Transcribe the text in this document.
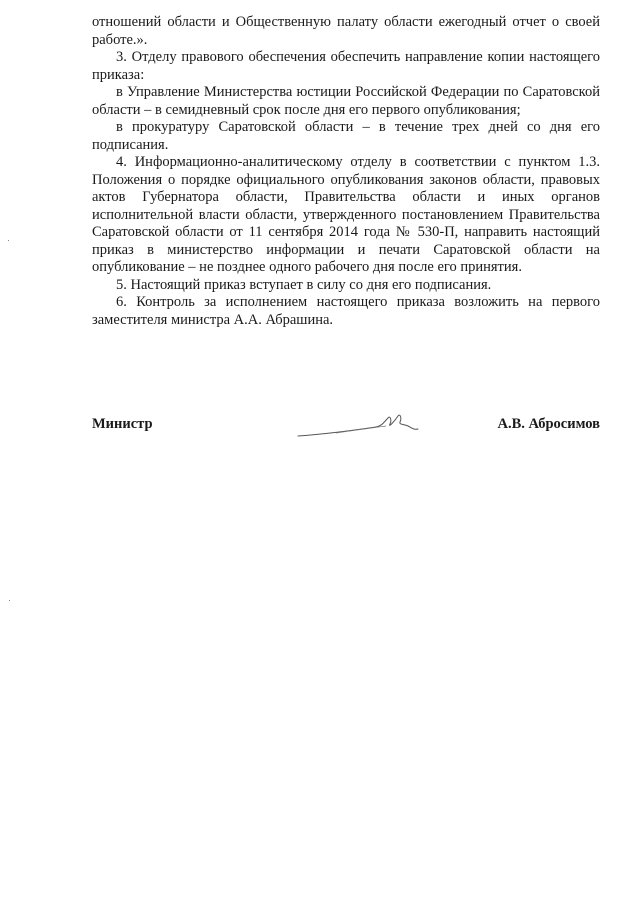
отношений области и Общественную палату области ежегодный отчет о своей работе.».

3. Отделу правового обеспечения обеспечить направление копии настоящего приказа:

в Управление Министерства юстиции Российской Федерации по Саратовской области – в семидневный срок после дня его первого опубликования;

в прокуратуру Саратовской области – в течение трех дней со дня его подписания.

4. Информационно-аналитическому отделу в соответствии с пунктом 1.3. Положения о порядке официального опубликования законов области, правовых актов Губернатора области, Правительства области и иных органов исполнительной власти области, утвержденного постановлением Правительства Саратовской области от 11 сентября 2014 года № 530-П, направить настоящий приказ в министерство информации и печати Саратовской области на опубликование – не позднее одного рабочего дня после его принятия.

5. Настоящий приказ вступает в силу со дня его подписания.

6. Контроль за исполнением настоящего приказа возложить на первого заместителя министра А.А. Абрашина.

Министр	А.В. Абросимов
